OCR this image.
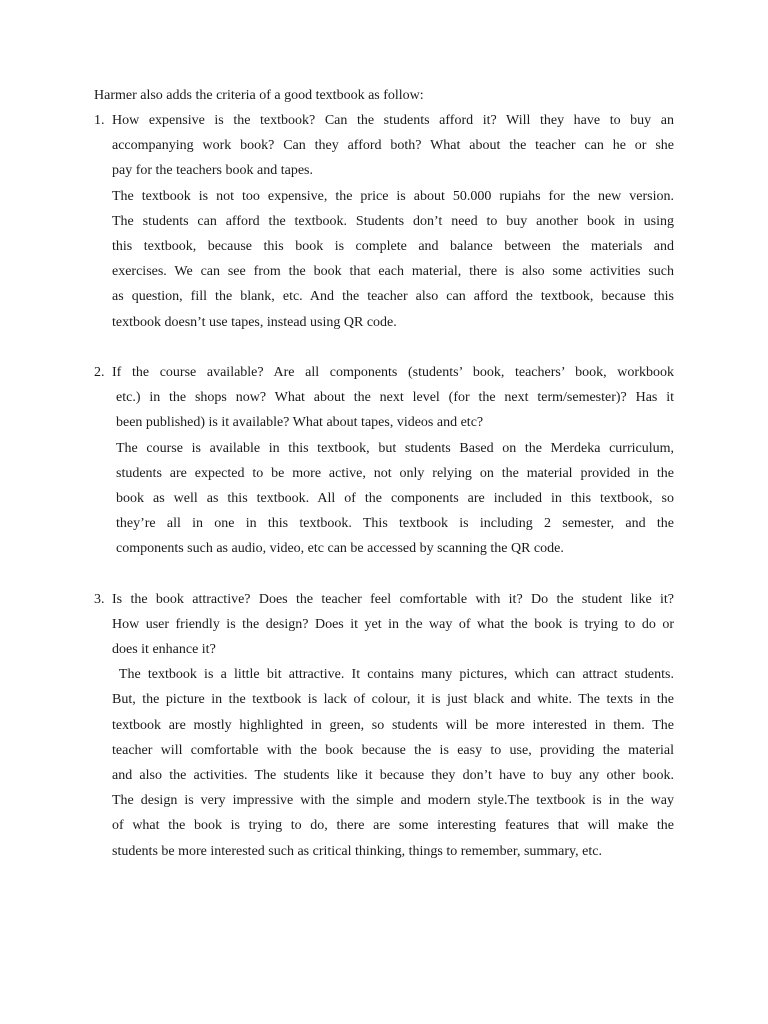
Harmer also adds the criteria of a good textbook as follow:
1. How expensive is the textbook? Can the students afford it? Will they have to buy an
accompanying work book? Can they afford both? What about the teacher can he or she
pay for the teachers book and tapes.
The textbook is not too expensive, the price is about 50.000 rupiahs for the new version.
The students can afford the textbook. Students don’t need to buy another book in using
this textbook, because this book is complete and balance between the materials and
exercises. We can see from the book that each material, there is also some activities such
as question, fill the blank, etc. And the teacher also can afford the textbook, because this
textbook doesn’t use tapes, instead using QR code.
2. If the course available? Are all components (students’ book, teachers’ book, workbook
etc.) in the shops now? What about the next level (for the next term/semester)? Has it
been published) is it available? What about tapes, videos and etc?
The course is available in this textbook, but students Based on the Merdeka curriculum,
students are expected to be more active, not only relying on the material provided in the
book as well as this textbook. All of the components are included in this textbook, so
they’re all in one in this textbook. This textbook is including 2 semester, and the
components such as audio, video, etc can be accessed by scanning the QR code.
3. Is the book attractive? Does the teacher feel comfortable with it? Do the student like it?
How user friendly is the design? Does it yet in the way of what the book is trying to do or
does it enhance it?
The textbook is a little bit attractive. It contains many pictures, which can attract students.
But, the picture in the textbook is lack of colour, it is just black and white. The texts in the
textbook are mostly highlighted in green, so students will be more interested in them. The
teacher will comfortable with the book because the is easy to use, providing the material
and also the activities. The students like it because they don’t have to buy any other book.
The design is very impressive with the simple and modern style.The textbook is in the way
of what the book is trying to do, there are some interesting features that will make the
students be more interested such as critical thinking, things to remember, summary, etc.
